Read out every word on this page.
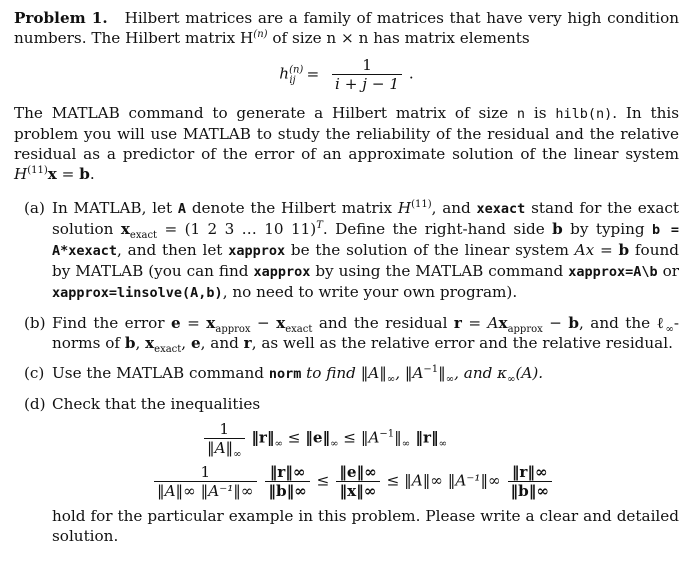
Problem 1. Hilbert matrices are a family of matrices that have very high condition numbers. The Hilbert matrix $H^{(n)}$ of size n × n has matrix elements

$h^{(n)}_{ij} = \frac{1}{i + j - 1}$ .

The MATLAB command to generate a Hilbert matrix of size n is hilb(n). In this problem you will use MATLAB to study the reliability of the residual and the relative residual as a predictor of the error of an approximate solution of the linear system $H^{(11)}x = b$.

(a) In MATLAB, let A denote the Hilbert matrix $H^{(11)}$, and xexact stand for the exact solution $x_{exact} = (1$ 2 3 … 10 11)$^T$. Define the right-hand side b by typing b = A*xexact, and then let xapprox be the solution of the linear system Ax = b found by MATLAB (you can find xapprox by using the MATLAB command xapprox=A\b or xapprox=linsolve(A,b), no need to write your own program).
(b) Find the error $e = x_{approx} - x_{exact}$ and the residual $r = Ax_{approx} - b$, and the ℓ$_\infty$-norms of b, $x_{exact}$, e, and r, as well as the relative error and the relative residual.
(c) Use the MATLAB command norm to find $‖A‖_\infty$, $‖A^{-1}‖_\infty$, and $\kappa_\infty(A)$.
(d) Check that the inequalities
$\frac{1}{‖A‖_\infty}$ $‖r‖_\infty$ ≤ $‖e‖_\infty$ ≤ $‖A^{-1}‖_\infty$ $‖r‖_\infty$
$\frac{1}{\text{‖A‖∞ ‖A⁻¹‖∞}}$
$\frac{‖r‖\infty}{‖b‖\infty} \le \frac{‖e‖\infty}{‖x‖\infty}$ ≤ ‖A‖∞ ‖A⁻¹‖∞ $\frac{‖r‖\infty}{‖b‖\infty}$
hold for the particular example in this problem. Please write a clear and detailed solution.
